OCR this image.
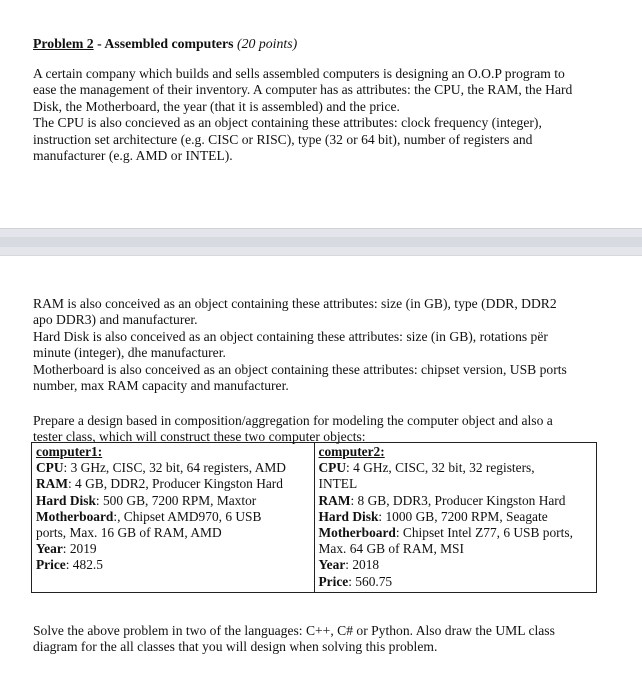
Problem 2 - Assembled computers (20 points)
A certain company which builds and sells assembled computers is designing an O.O.P program to
ease the management of their inventory. A computer has as attributes: the CPU, the RAM, the Hard
Disk, the Motherboard, the year (that it is assembled) and the price.
The CPU is also concieved as an object containing these attributes: clock frequency (integer),
instruction set architecture (e.g. CISC or RISC), type (32 or 64 bit), number of registers and
manufacturer (e.g. AMD or INTEL).
RAM is also conceived as an object containing these attributes: size (in GB), type (DDR, DDR2
apo DDR3) and manufacturer.
Hard Disk is also conceived as an object containing these attributes: size (in GB), rotations për
minute (integer), dhe manufacturer.
Motherboard is also conceived as an object containing these attributes: chipset version, USB ports
number, max RAM capacity and manufacturer.
Prepare a design based in composition/aggregation for modeling the computer object and also a
tester class, which will construct these two computer objects:
computer1:
CPU: 3 GHz, CISC, 32 bit, 64 registers, AMD
RAM: 4 GB, DDR2, Producer Kingston Hard
Hard Disk: 500 GB, 7200 RPM, Maxtor
Motherboard:, Chipset AMD970, 6 USB
ports, Max. 16 GB of RAM, AMD
Year: 2019
Price: 482.5

computer2:
CPU: 4 GHz, CISC, 32 bit, 32 registers,
INTEL
RAM: 8 GB, DDR3, Producer Kingston Hard
Hard Disk: 1000 GB, 7200 RPM, Seagate
Motherboard: Chipset Intel Z77, 6 USB ports,
Max. 64 GB of RAM, MSI
Year: 2018
Price: 560.75
Solve the above problem in two of the languages: C++, C# or Python. Also draw the UML class
diagram for the all classes that you will design when solving this problem.
